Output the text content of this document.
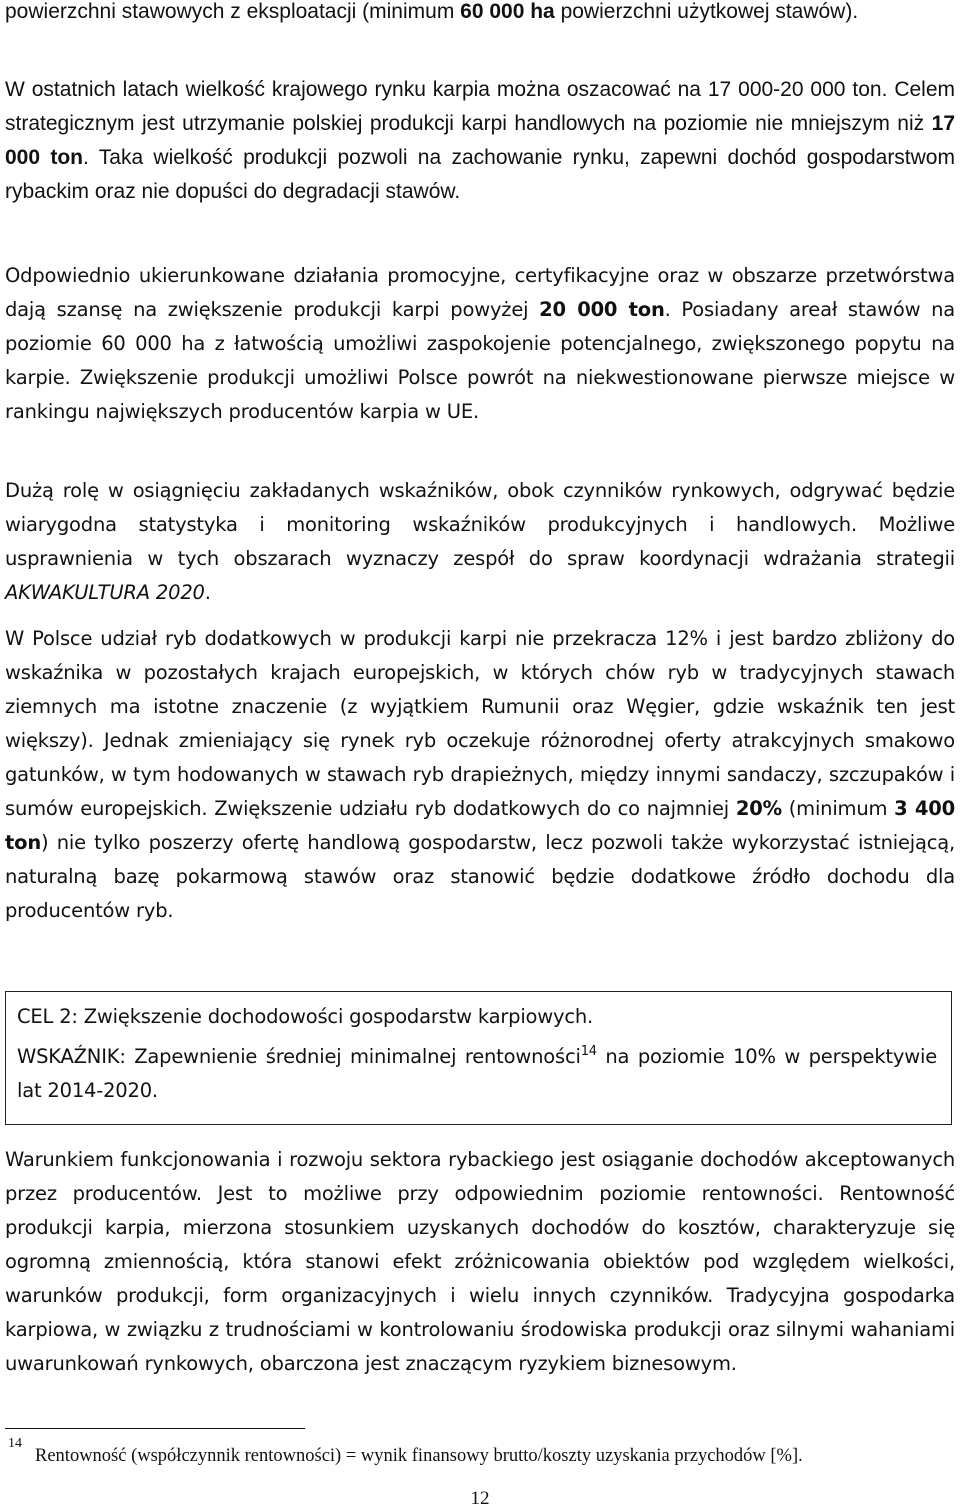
powierzchni stawowych z eksploatacji (minimum 60 000 ha powierzchni użytkowej stawów).

W ostatnich latach wielkość krajowego rynku karpia można oszacować na 17 000-20 000 ton. Celem strategicznym jest utrzymanie polskiej produkcji karpi handlowych na poziomie nie mniejszym niż 17 000 ton. Taka wielkość produkcji pozwoli na zachowanie rynku, zapewni dochód gospodarstwom rybackim oraz nie dopuści do degradacji stawów.

Odpowiednio ukierunkowane działania promocyjne, certyfikacyjne oraz w obszarze przetwórstwa dają szansę na zwiększenie produkcji karpi powyżej 20 000 ton. Posiadany areał stawów na poziomie 60 000 ha z łatwością umożliwi zaspokojenie potencjalnego, zwiększonego popytu na karpie. Zwiększenie produkcji umożliwi Polsce powrót na niekwestionowane pierwsze miejsce w rankingu największych producentów karpia w UE.

Dużą rolę w osiągnięciu zakładanych wskaźników, obok czynników rynkowych, odgrywać będzie wiarygodna statystyka i monitoring wskaźników produkcyjnych i handlowych. Możliwe usprawnienia w tych obszarach wyznaczy zespół do spraw koordynacji wdrażania strategii AKWAKULTURA 2020.

W Polsce udział ryb dodatkowych w produkcji karpi nie przekracza 12% i jest bardzo zbliżony do wskaźnika w pozostałych krajach europejskich, w których chów ryb w tradycyjnych stawach ziemnych ma istotne znaczenie (z wyjątkiem Rumunii oraz Węgier, gdzie wskaźnik ten jest większy). Jednak zmieniający się rynek ryb oczekuje różnorodnej oferty atrakcyjnych smakowo gatunków, w tym hodowanych w stawach ryb drapieżnych, między innymi sandaczy, szczupaków i sumów europejskich. Zwiększenie udziału ryb dodatkowych do co najmniej 20% (minimum 3 400 ton) nie tylko poszerzy ofertę handlową gospodarstw, lecz pozwoli także wykorzystać istniejącą, naturalną bazę pokarmową stawów oraz stanowić będzie dodatkowe źródło dochodu dla producentów ryb.

CEL 2: Zwiększenie dochodowości gospodarstw karpiowych.

WSKAŹNIK: Zapewnienie średniej minimalnej rentowności$^{14}$ na poziomie 10% w perspektywie lat 2014-2020.

Warunkiem funkcjonowania i rozwoju sektora rybackiego jest osiąganie dochodów akceptowanych przez producentów. Jest to możliwe przy odpowiednim poziomie rentowności. Rentowność produkcji karpia, mierzona stosunkiem uzyskanych dochodów do kosztów, charakteryzuje się ogromną zmiennością, która stanowi efekt zróżnicowania obiektów pod względem wielkości, warunków produkcji, form organizacyjnych i wielu innych czynników. Tradycyjna gospodarka karpiowa, w związku z trudnościami w kontrolowaniu środowiska produkcji oraz silnymi wahaniami uwarunkowań rynkowych, obarczona jest znaczącym ryzykiem biznesowym.

14

Rentowność (współczynnik rentowności) = wynik finansowy brutto/koszty uzyskania przychodów [%].

12
